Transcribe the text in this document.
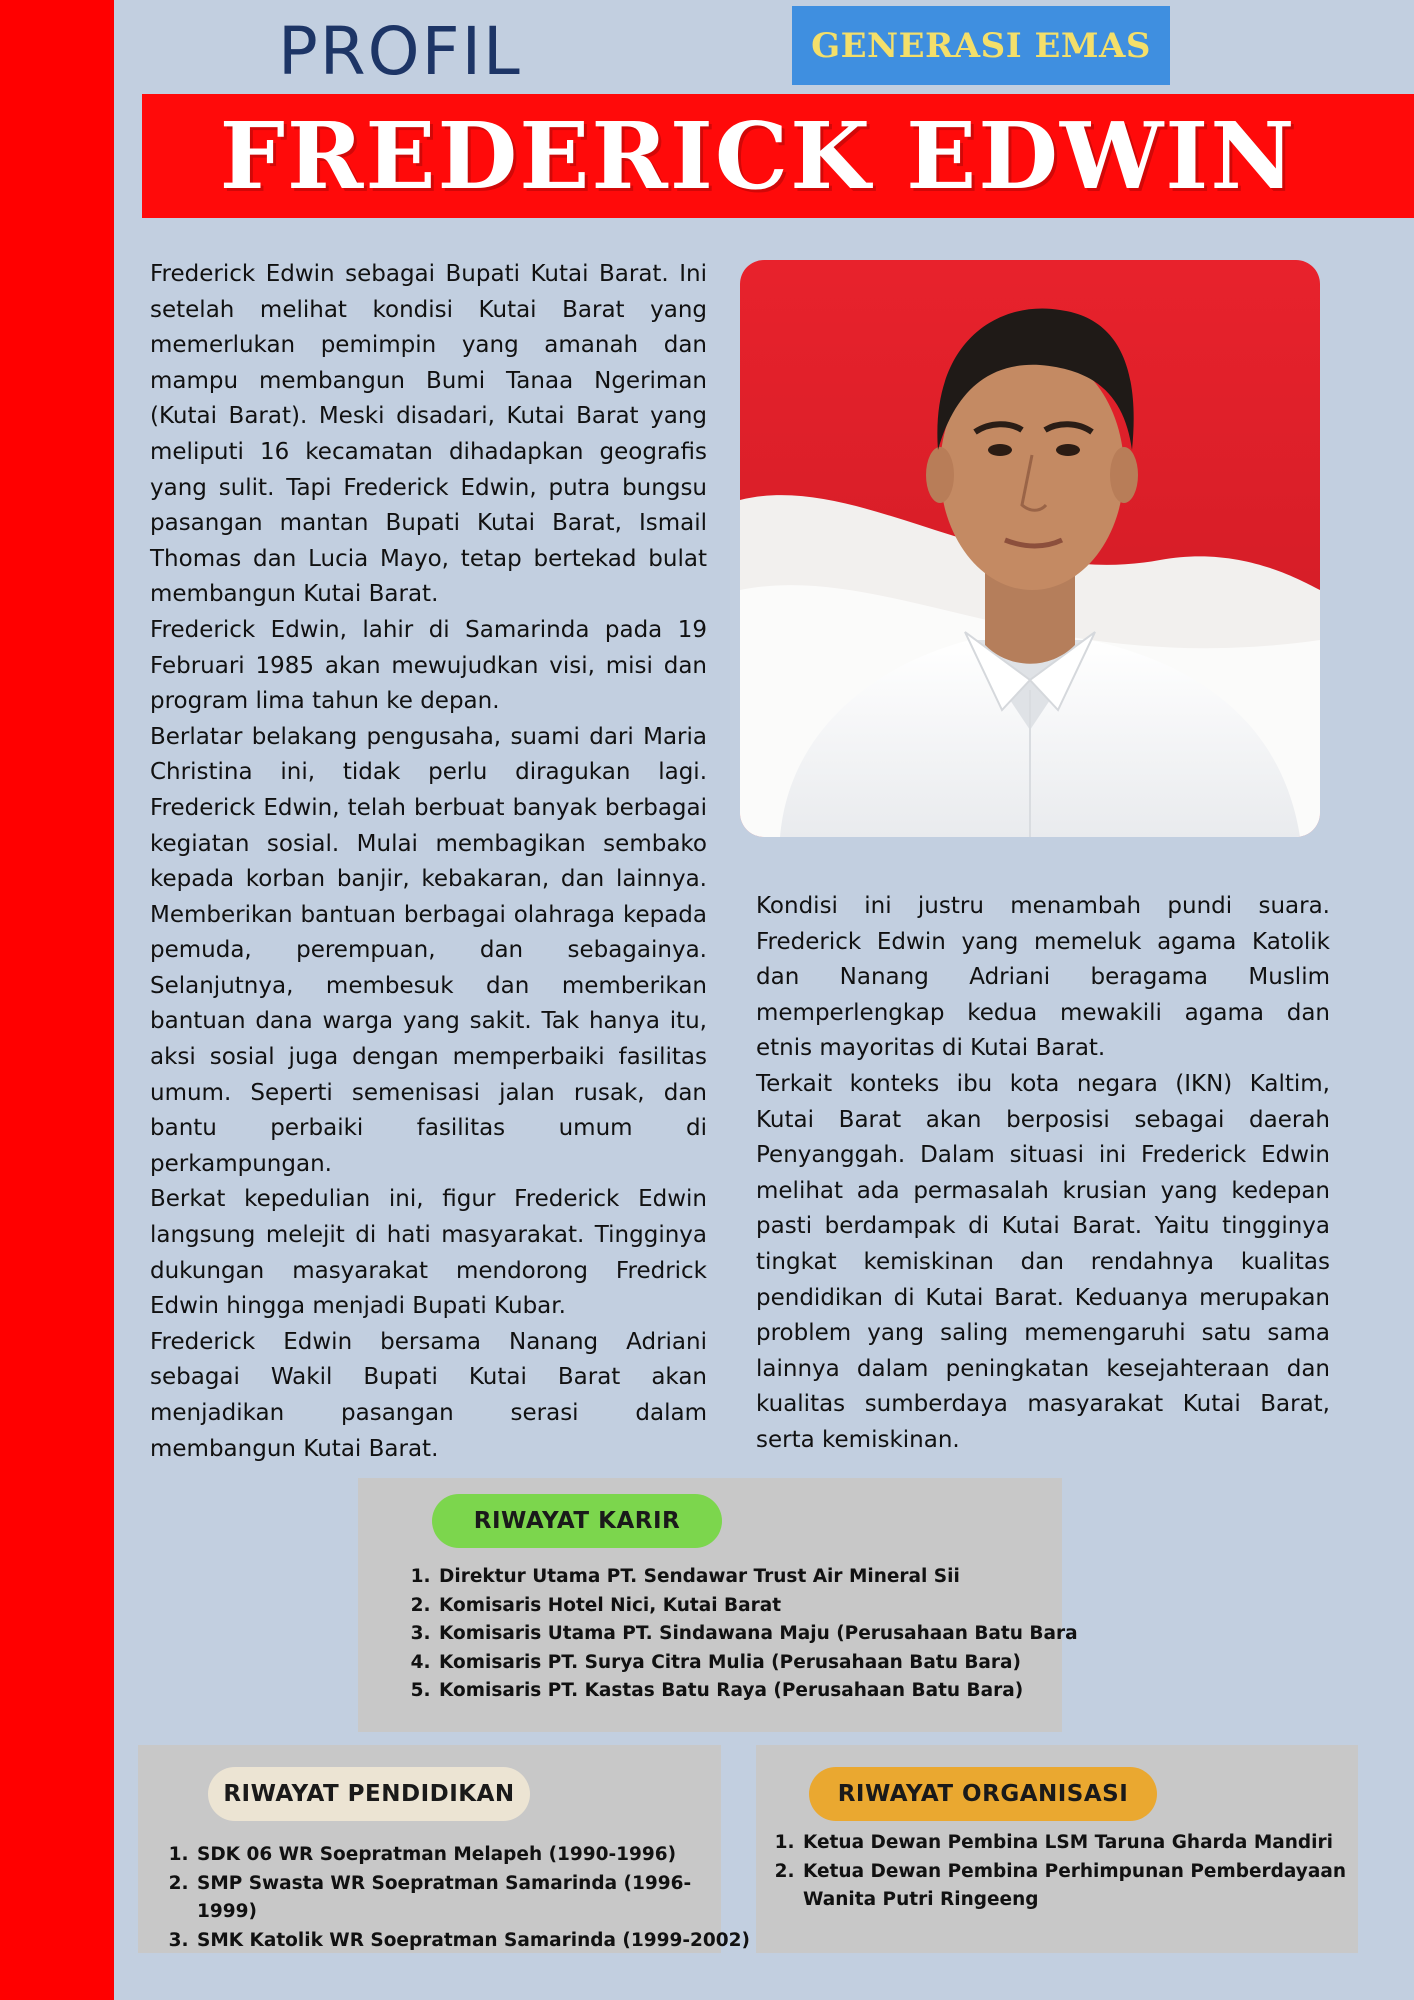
PROFIL	GENERASI EMAS
FREDERICK EDWIN

Frederick Edwin sebagai Bupati Kutai Barat. Ini setelah melihat kondisi Kutai Barat yang memerlukan pemimpin yang amanah dan mampu membangun Bumi Tanaa Ngeriman (Kutai Barat). Meski disadari, Kutai Barat yang meliputi 16 kecamatan dihadapkan geografis yang sulit. Tapi Frederick Edwin, putra bungsu pasangan mantan Bupati Kutai Barat, Ismail Thomas dan Lucia Mayo, tetap bertekad bulat membangun Kutai Barat.

Frederick Edwin, lahir di Samarinda pada 19 Februari 1985 akan mewujudkan visi, misi dan program lima tahun ke depan.

Berlatar belakang pengusaha, suami dari Maria Christina ini, tidak perlu diragukan lagi. Frederick Edwin, telah berbuat banyak berbagai kegiatan sosial. Mulai membagikan sembako kepada korban banjir, kebakaran, dan lainnya. Memberikan bantuan berbagai olahraga kepada pemuda, perempuan, dan sebagainya. Selanjutnya, membesuk dan memberikan bantuan dana warga yang sakit. Tak hanya itu, aksi sosial juga dengan memperbaiki fasilitas umum. Seperti semenisasi jalan rusak, dan bantu perbaiki fasilitas umum di perkampungan.

Berkat kepedulian ini, figur Frederick Edwin langsung melejit di hati masyarakat. Tingginya dukungan masyarakat mendorong Fredrick Edwin hingga menjadi Bupati Kubar.

Frederick Edwin bersama Nanang Adriani sebagai Wakil Bupati Kutai Barat akan menjadikan pasangan serasi dalam membangun Kutai Barat.

Kondisi ini justru menambah pundi suara. Frederick Edwin yang memeluk agama Katolik dan Nanang Adriani beragama Muslim memperlengkap kedua mewakili agama dan etnis mayoritas di Kutai Barat.

Terkait konteks ibu kota negara (IKN) Kaltim, Kutai Barat akan berposisi sebagai daerah Penyanggah. Dalam situasi ini Frederick Edwin melihat ada permasalah krusian yang kedepan pasti berdampak di Kutai Barat. Yaitu tingginya tingkat kemiskinan dan rendahnya kualitas pendidikan di Kutai Barat. Keduanya merupakan problem yang saling memengaruhi satu sama lainnya dalam peningkatan kesejahteraan dan kualitas sumberdaya masyarakat Kutai Barat, serta kemiskinan.

RIWAYAT KARIR
1. Direktur Utama PT. Sendawar Trust Air Mineral Sii
2. Komisaris Hotel Nici, Kutai Barat
3. Komisaris Utama PT. Sindawana Maju (Perusahaan Batu Bara
4. Komisaris PT. Surya Citra Mulia (Perusahaan Batu Bara)
5. Komisaris PT. Kastas Batu Raya (Perusahaan Batu Bara)
RIWAYAT PENDIDIKAN
1. SDK 06 WR Soepratman Melapeh (1990-1996)
2. SMP Swasta WR Soepratman Samarinda (1996-1999)
3. SMK Katolik WR Soepratman Samarinda (1999-2002)
RIWAYAT ORGANISASI
1. Ketua Dewan Pembina LSM Taruna Gharda Mandiri
2. Ketua Dewan Pembina Perhimpunan Pemberdayaan Wanita Putri Ringeeng
